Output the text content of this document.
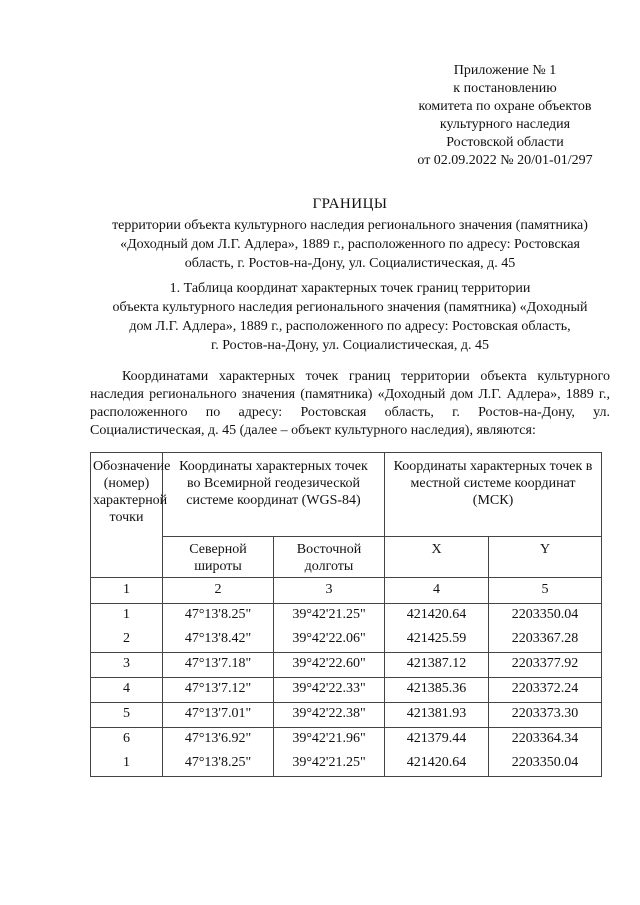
Приложение № 1
к постановлению
комитета по охране объектов
культурного наследия
Ростовской области
от 02.09.2022 № 20/01-01/297
ГРАНИЦЫ
территории объекта культурного наследия регионального значения (памятника)
«Доходный дом Л.Г. Адлера», 1889 г., расположенного по адресу: Ростовская
область, г. Ростов-на-Дону, ул. Социалистическая, д. 45
1. Таблица координат характерных точек границ территории
объекта культурного наследия регионального значения (памятника) «Доходный
дом Л.Г. Адлера», 1889 г., расположенного по адресу: Ростовская область,
г. Ростов-на-Дону, ул. Социалистическая, д. 45
Координатами характерных точек границ территории объекта культурного наследия регионального значения (памятника) «Доходный дом Л.Г. Адлера», 1889 г., расположенного по адресу: Ростовская область, г. Ростов-на-Дону, ул. Социалистическая, д. 45 (далее – объект культурного наследия), являются:
Обозначение (номер) характерной точки	Координаты характерных точек во Всемирной геодезической системе координат (WGS-84)		Координаты характерных точек в местной системе координат (МСК)	
	Северной широты	Восточной долготы	X	Y
1	2	3	4	5
1	47°13'8.25"	39°42'21.25"	421420.64	2203350.04
2	47°13'8.42"	39°42'22.06"	421425.59	2203367.28
3	47°13'7.18"	39°42'22.60"	421387.12	2203377.92
4	47°13'7.12"	39°42'22.33"	421385.36	2203372.24
5	47°13'7.01"	39°42'22.38"	421381.93	2203373.30
6	47°13'6.92"	39°42'21.96"	421379.44	2203364.34
1	47°13'8.25"	39°42'21.25"	421420.64	2203350.04
